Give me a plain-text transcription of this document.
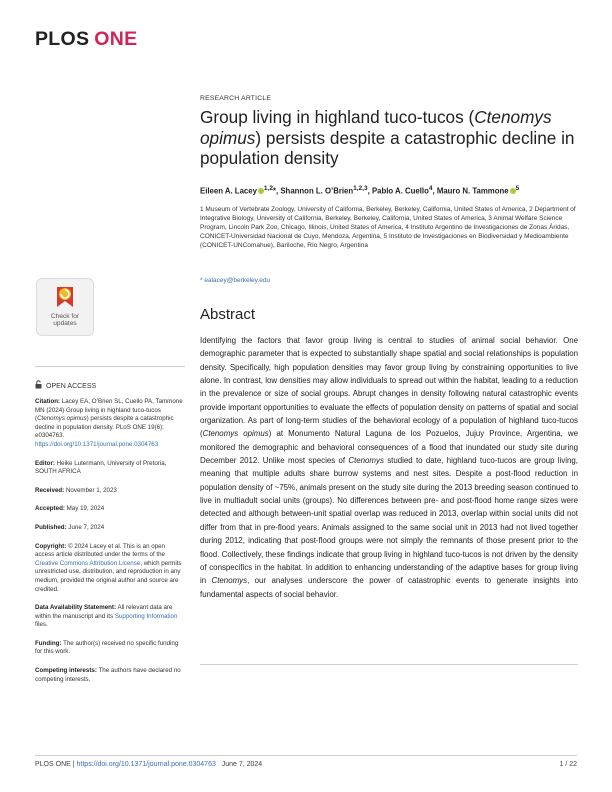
PLOS ONE
Check for
updates
OPEN ACCESS

Citation: Lacey EA, O’Brien SL, Cuello PA, Tammone MN (2024) Group living in highland tuco-tucos (Ctenomys opimus) persists despite a catastrophic decline in population density. PLoS ONE 19(6): e0304763. https://doi.org/10.1371/journal.pone.0304763

Editor: Heike Lutermann, University of Pretoria, SOUTH AFRICA

Received: November 1, 2023

Accepted: May 19, 2024

Published: June 7, 2024

Copyright: © 2024 Lacey et al. This is an open access article distributed under the terms of the Creative Commons Attribution License, which permits unrestricted use, distribution, and reproduction in any medium, provided the original author and source are credited.

Data Availability Statement: All relevant data are within the manuscript and its Supporting Information files.

Funding: The author(s) received no specific funding for this work.

Competing interests: The authors have declared no competing interests.

RESEARCH ARTICLE
Group living in highland tuco-tucos (Ctenomys opimus) persists despite a catastrophic decline in population density
Eileen A. Lacey $^{1,2}$*, Shannon L. O’Brien$^{1,2,3}$, Pablo A. Cuello$^4$, Mauro N. Tammone $^5$
1 Museum of Vertebrate Zoology, University of California, Berkeley, Berkeley, California, United States of America, 2 Department of Integrative Biology, University of California, Berkeley, Berkeley, California, United States of America, 3 Animal Welfare Science Program, Lincoln Park Zoo, Chicago, Illinois, United States of America, 4 Instituto Argentino de Investigaciones de Zonas Áridas, CONICET-Universidad Nacional de Cuyo, Mendoza, Argentina, 5 Instituto de Investigaciones en Biodiversidad y Medioambiente (CONICET-UNComahue), Bariloche, Río Negro, Argentina
* ealacey@berkeley.edu
Abstract
Identifying the factors that favor group living is central to studies of animal social behavior. One demographic parameter that is expected to substantially shape spatial and social relationships is population density. Specifically, high population densities may favor group living by constraining opportunities to live alone. In contrast, low densities may allow individuals to spread out within the habitat, leading to a reduction in the prevalence or size of social groups. Abrupt changes in density following natural catastrophic events provide important opportunities to evaluate the effects of population density on patterns of spatial and social organization. As part of long-term studies of the behavioral ecology of a population of highland tuco-tucos (Ctenomys opimus) at Monumento Natural Laguna de los Pozuelos, Jujuy Province, Argentina, we monitored the demographic and behavioral consequences of a flood that inundated our study site during December 2012. Unlike most species of Ctenomys studied to date, highland tuco-tucos are group living, meaning that multiple adults share burrow systems and nest sites. Despite a post-flood reduction in population density of ~75%, animals present on the study site during the 2013 breeding season continued to live in multiadult social units (groups). No differences between pre- and post-flood home range sizes were detected and although between-unit spatial overlap was reduced in 2013, overlap within social units did not differ from that in pre-flood years. Animals assigned to the same social unit in 2013 had not lived together during 2012, indicating that post-flood groups were not simply the remnants of those present prior to the flood. Collectively, these findings indicate that group living in highland tuco-tucos is not driven by the density of conspecifics in the habitat. In addition to enhancing understanding of the adaptive bases for group living in Ctenomys, our analyses underscore the power of catastrophic events to generate insights into fundamental aspects of social behavior.
PLOS ONE | https://doi.org/10.1371/journal.pone.0304763 June 7, 2024	1 / 22
